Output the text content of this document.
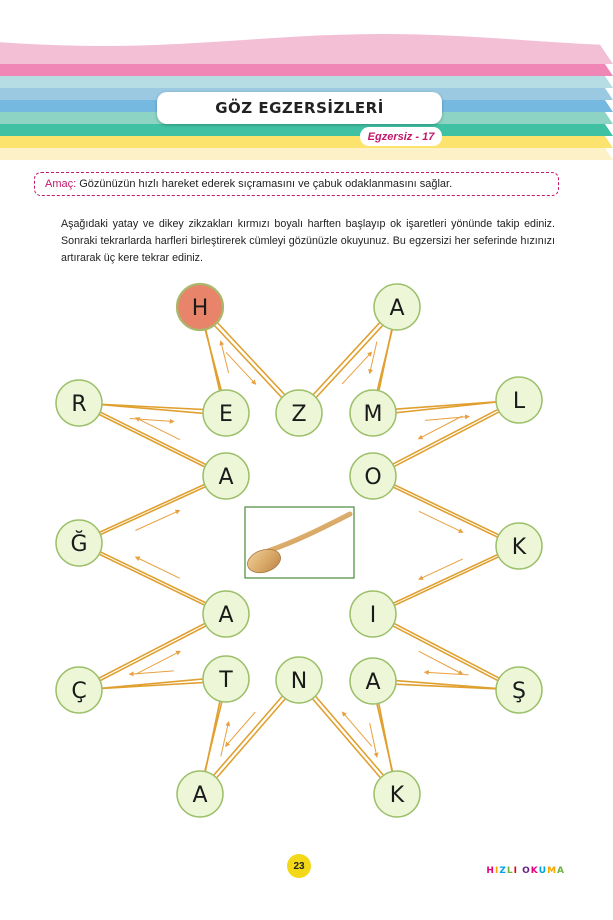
GÖZ EGZERSİZLERİ
Egzersiz - 17
Amaç: Gözünüzün hızlı hareket ederek sıçramasını ve çabuk odaklanmasını sağlar.

Aşağıdaki yatay ve dikey zikzakları kırmızı boyalı harften başlayıp ok işaretleri yönünde takip ediniz. Sonraki tekrarlarda harfleri birleştirerek cümleyi gözünüzle okuyunuz. Bu egzersizi her seferinde hızınızı artırarak üç kere tekrar ediniz.

H	A
R	E	Z	M
L
A	O
Ğ	K
A	I
Ç	T	N	A	Ş
A	K
23	HIZLI OKUMA
